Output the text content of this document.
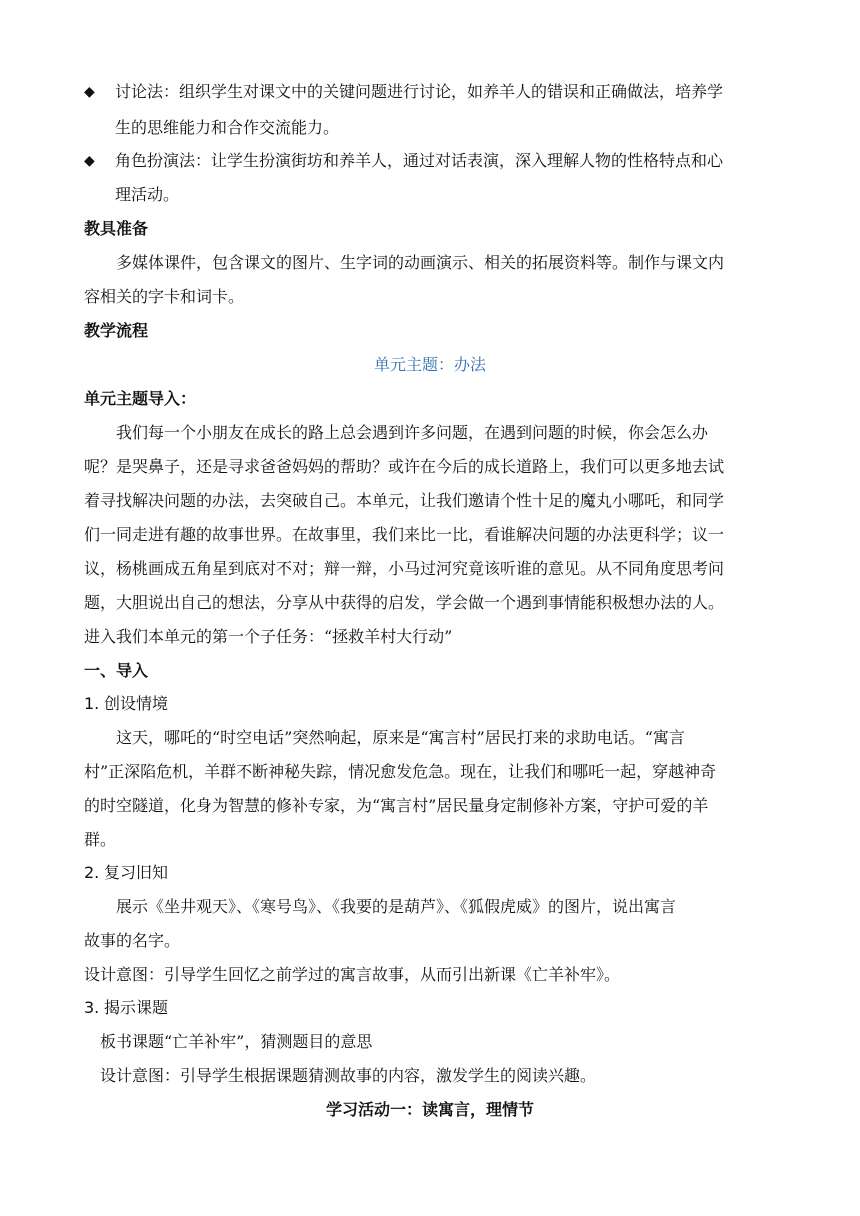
◆ 讨论法：组织学生对课文中的关键问题进行讨论，如养羊人的错误和正确做法，培养学
生的思维能力和合作交流能力。
◆ 角色扮演法：让学生扮演街坊和养羊人，通过对话表演，深入理解人物的性格特点和心
理活动。
教具准备
多媒体课件，包含课文的图片、生字词的动画演示、相关的拓展资料等。制作与课文内
容相关的字卡和词卡。
教学流程
单元主题：办法
单元主题导入：
我们每一个小朋友在成长的路上总会遇到许多问题，在遇到问题的时候，你会怎么办
呢？是哭鼻子，还是寻求爸爸妈妈的帮助？或许在今后的成长道路上，我们可以更多地去试
着寻找解决问题的办法，去突破自己。本单元，让我们邀请个性十足的魔丸小哪吒，和同学
们一同走进有趣的故事世界。在故事里，我们来比一比，看谁解决问题的办法更科学；议一
议，杨桃画成五角星到底对不对；辩一辩，小马过河究竟该听谁的意见。从不同角度思考问
题，大胆说出自己的想法，分享从中获得的启发，学会做一个遇到事情能积极想办法的人。
进入我们本单元的第一个子任务：“拯救羊村大行动”
一、导入
1. 创设情境
这天，哪吒的“时空电话”突然响起，原来是“寓言村”居民打来的求助电话。“寓言
村”正深陷危机，羊群不断神秘失踪，情况愈发危急。现在，让我们和哪吒一起，穿越神奇
的时空隧道，化身为智慧的修补专家，为“寓言村”居民量身定制修补方案，守护可爱的羊
群。
2. 复习旧知
展示《坐井观天》、《寒号鸟》、《我要的是葫芦》、《狐假虎威》的图片，说出寓言
故事的名字。
设计意图：引导学生回忆之前学过的寓言故事，从而引出新课《亡羊补牢》。
3. 揭示课题
板书课题“亡羊补牢”，猜测题目的意思
设计意图：引导学生根据课题猜测故事的内容，激发学生的阅读兴趣。
学习活动一：读寓言，理情节
